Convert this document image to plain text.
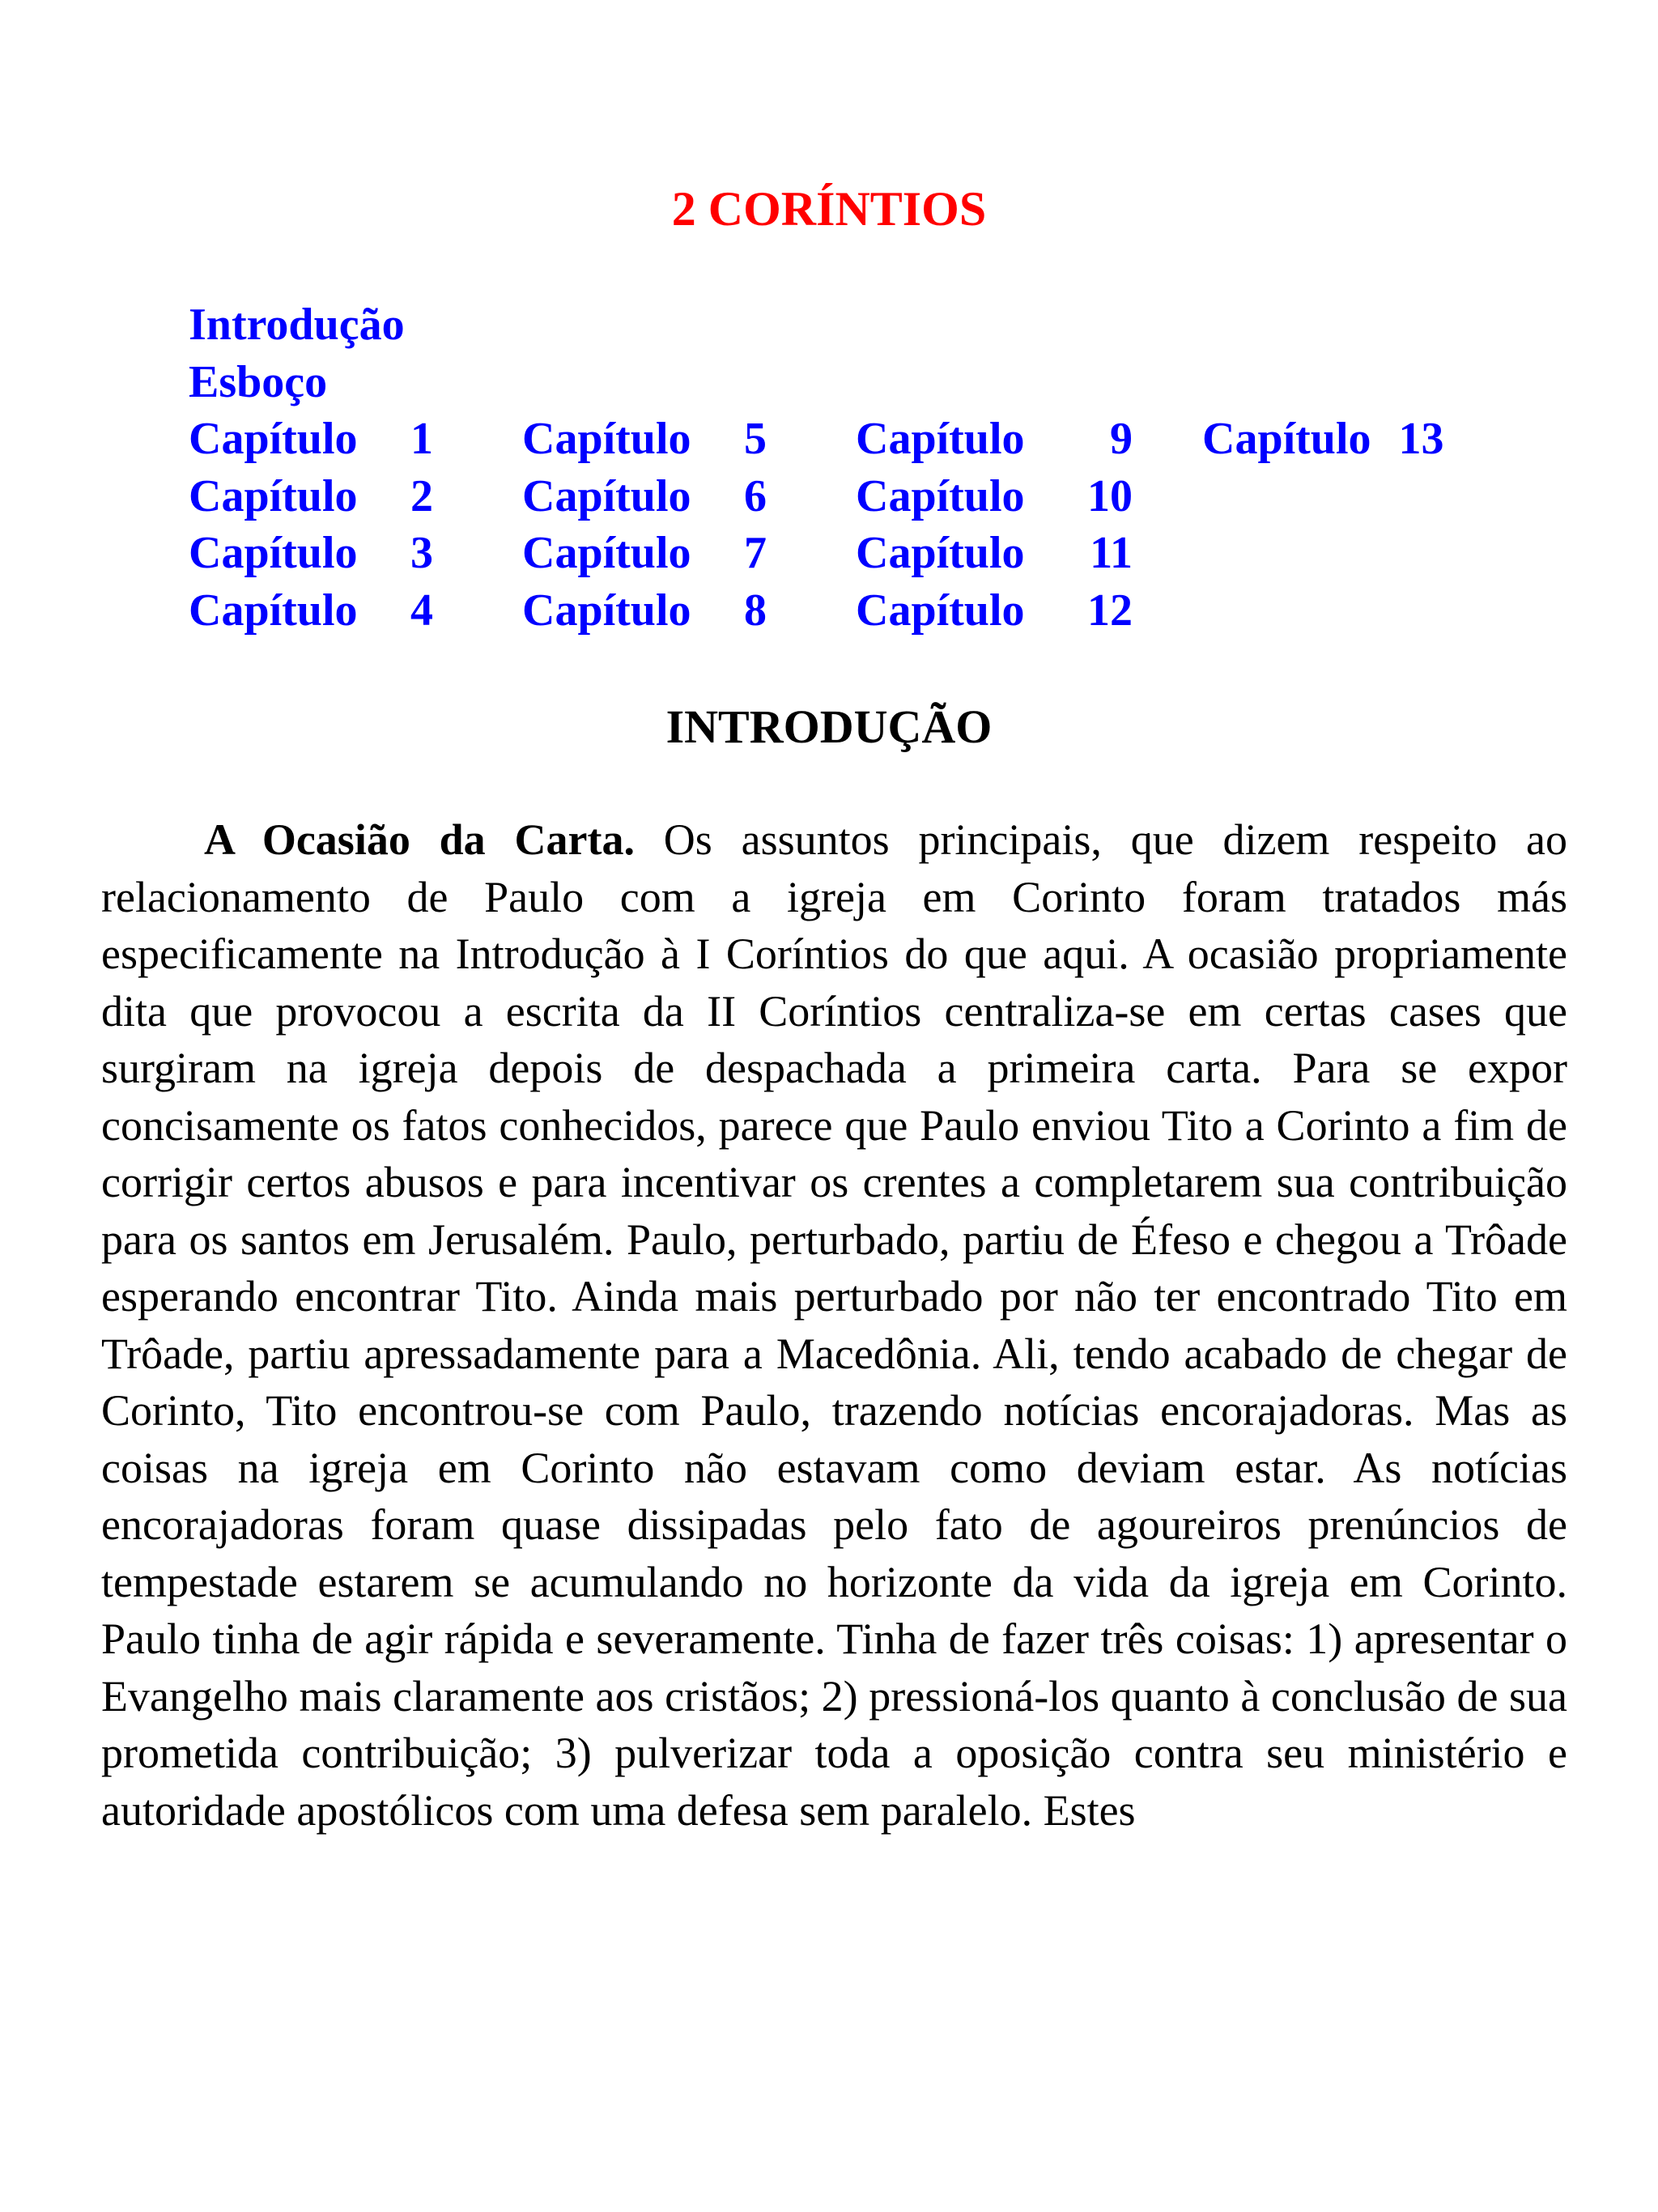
2 CORÍNTIOS
Introdução
Esboço
Capítulo 1
Capítulo 2
Capítulo 3
Capítulo 4
Capítulo 5
Capítulo 6
Capítulo 7
Capítulo 8
Capítulo 9
Capítulo 10
Capítulo 11
Capítulo 12
Capítulo 13
INTRODUÇÃO

A Ocasião da Carta. Os assuntos principais, que dizem respeito ao relacionamento de Paulo com a igreja em Corinto foram tratados más especificamente na Introdução à I Coríntios do que aqui. A ocasião propriamente dita que provocou a escrita da II Coríntios centraliza-se em certas cases que surgiram na igreja depois de despachada a primeira carta. Para se expor concisamente os fatos conhecidos, parece que Paulo enviou Tito a Corinto a fim de corrigir certos abusos e para incentivar os crentes a completarem sua contribuição para os santos em Jerusalém. Paulo, perturbado, partiu de Éfeso e chegou a Trôade esperando encontrar Tito. Ainda mais perturbado por não ter encontrado Tito em Trôade, partiu apressadamente para a Macedônia. Ali, tendo acabado de chegar de Corinto, Tito encontrou-se com Paulo, trazendo notícias encorajadoras. Mas as coisas na igreja em Corinto não estavam como deviam estar. As notícias encorajadoras foram quase dissipadas pelo fato de agoureiros prenúncios de tempestade estarem se acumulando no horizonte da vida da igreja em Corinto. Paulo tinha de agir rápida e severamente. Tinha de fazer três coisas: 1) apresentar o Evangelho mais claramente aos cristãos; 2) pressioná-los quanto à conclusão de sua prometida contribuição; 3) pulverizar toda a oposição contra seu ministério e autoridade apostólicos com uma defesa sem paralelo. Estes
